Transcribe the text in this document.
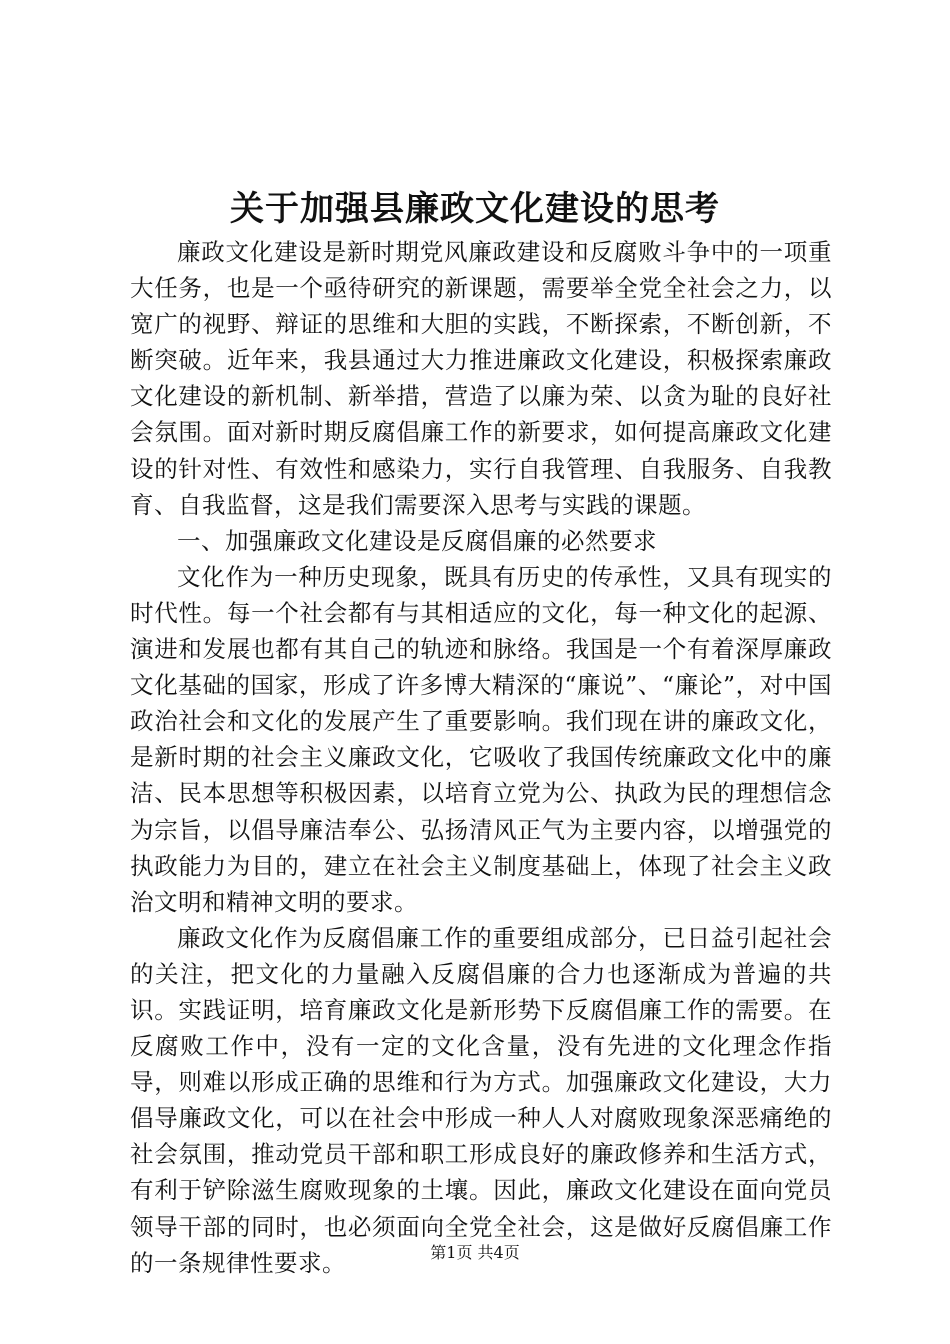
关于加强县廉政文化建设的思考

廉政文化建设是新时期党风廉政建设和反腐败斗争中的一项重大任务，也是一个亟待研究的新课题，需要举全党全社会之力，以宽广的视野、辩证的思维和大胆的实践，不断探索，不断创新，不断突破。近年来，我县通过大力推进廉政文化建设，积极探索廉政文化建设的新机制、新举措，营造了以廉为荣、以贪为耻的良好社会氛围。面对新时期反腐倡廉工作的新要求，如何提高廉政文化建设的针对性、有效性和感染力，实行自我管理、自我服务、自我教育、自我监督，这是我们需要深入思考与实践的课题。

一、加强廉政文化建设是反腐倡廉的必然要求

文化作为一种历史现象，既具有历史的传承性，又具有现实的时代性。每一个社会都有与其相适应的文化，每一种文化的起源、演进和发展也都有其自己的轨迹和脉络。我国是一个有着深厚廉政文化基础的国家，形成了许多博大精深的“廉说”、“廉论”，对中国政治社会和文化的发展产生了重要影响。我们现在讲的廉政文化，是新时期的社会主义廉政文化，它吸收了我国传统廉政文化中的廉洁、民本思想等积极因素，以培育立党为公、执政为民的理想信念为宗旨，以倡导廉洁奉公、弘扬清风正气为主要内容，以增强党的执政能力为目的，建立在社会主义制度基础上，体现了社会主义政治文明和精神文明的要求。

廉政文化作为反腐倡廉工作的重要组成部分，已日益引起社会的关注，把文化的力量融入反腐倡廉的合力也逐渐成为普遍的共识。实践证明，培育廉政文化是新形势下反腐倡廉工作的需要。在反腐败工作中，没有一定的文化含量，没有先进的文化理念作指导，则难以形成正确的思维和行为方式。加强廉政文化建设，大力倡导廉政文化，可以在社会中形成一种人人对腐败现象深恶痛绝的社会氛围，推动党员干部和职工形成良好的廉政修养和生活方式，有利于铲除滋生腐败现象的土壤。因此，廉政文化建设在面向党员领导干部的同时，也必须面向全党全社会，这是做好反腐倡廉工作的一条规律性要求。	第1页 共4页
